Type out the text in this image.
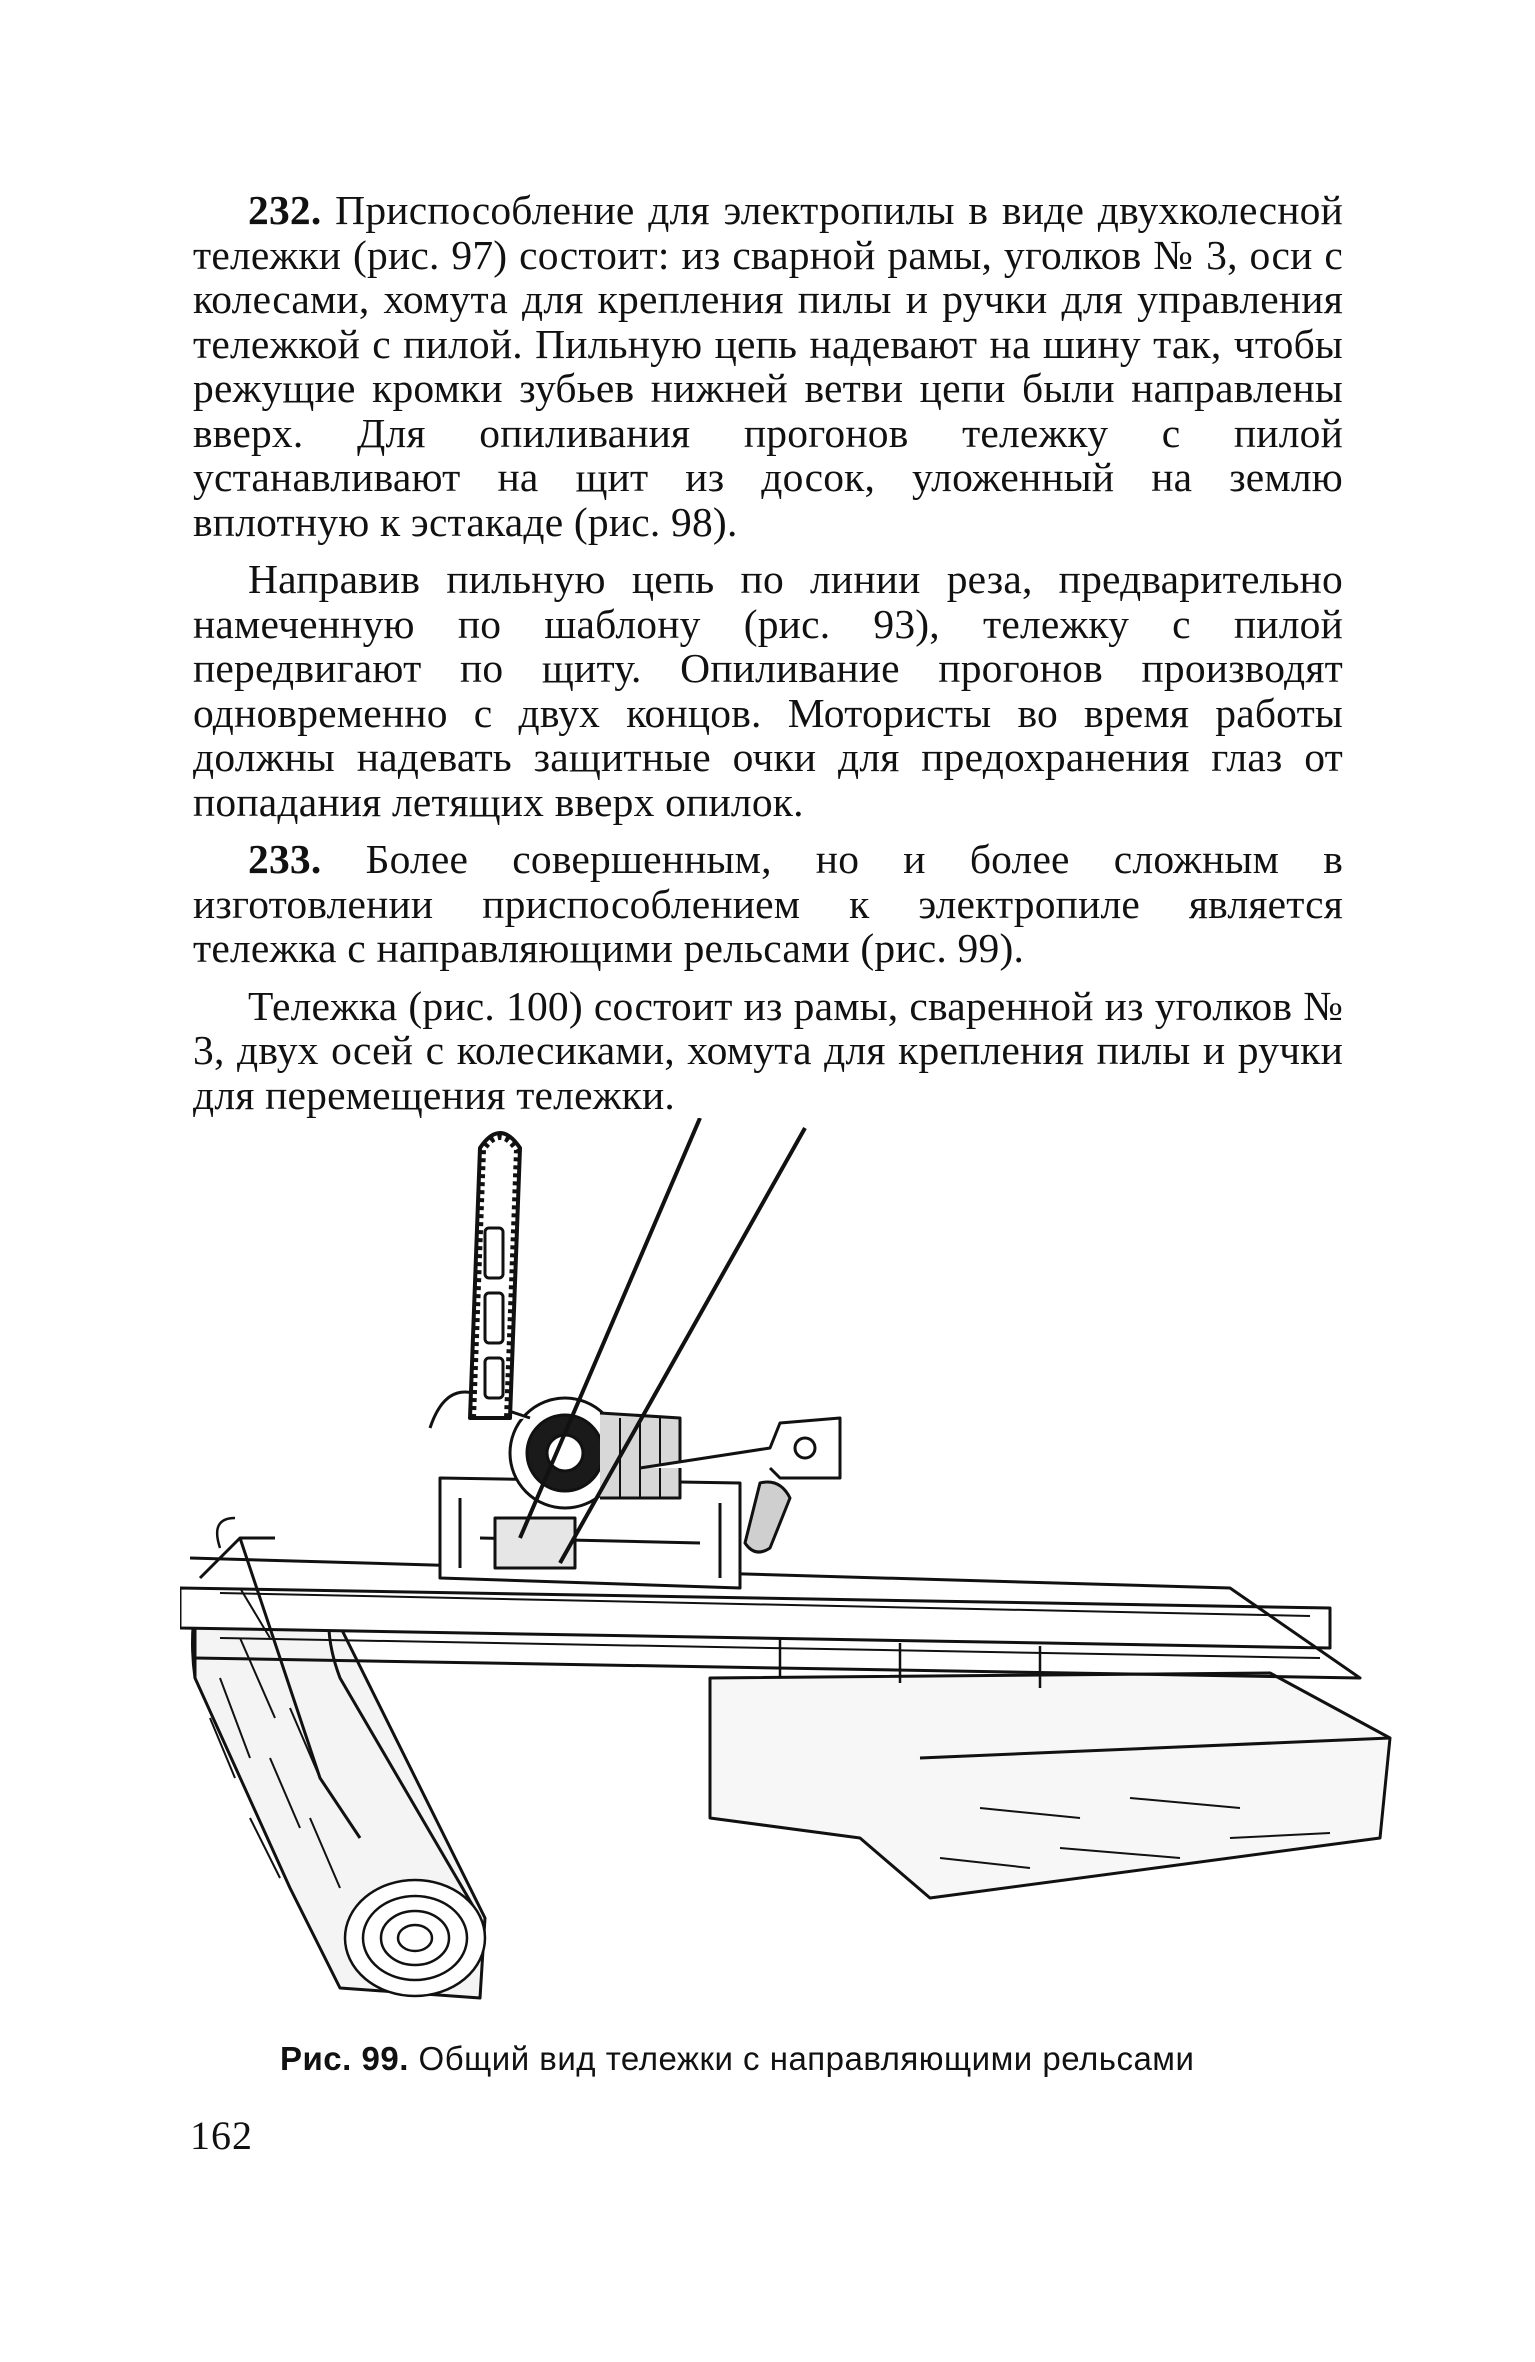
232. Приспособление для электропилы в виде двухколесной тележки (рис. 97) состоит: из сварной рамы, уголков № 3, оси с колесами, хомута для крепления пилы и ручки для управления тележкой с пилой. Пильную цепь надевают на шину так, чтобы режущие кромки зубьев нижней ветви цепи были направлены вверх. Для опиливания прогонов тележку с пилой устанавливают на щит из досок, уложенный на землю вплотную к эстакаде (рис. 98).

Направив пильную цепь по линии реза, предварительно намеченную по шаблону (рис. 93), тележку с пилой передвигают по щиту. Опиливание прогонов производят одновременно с двух концов. Мотористы во время работы должны надевать защитные очки для предохранения глаз от попадания летящих вверх опилок.

233. Более совершенным, но и более сложным в изготовлении приспособлением к электропиле является тележка с направляющими рельсами (рис. 99).

Тележка (рис. 100) состоит из рамы, сваренной из уголков № 3, двух осей с колесиками, хомута для крепления пилы и ручки для перемещения тележки.

Рис. 99. Общий вид тележки с направляющими рельсами
162
